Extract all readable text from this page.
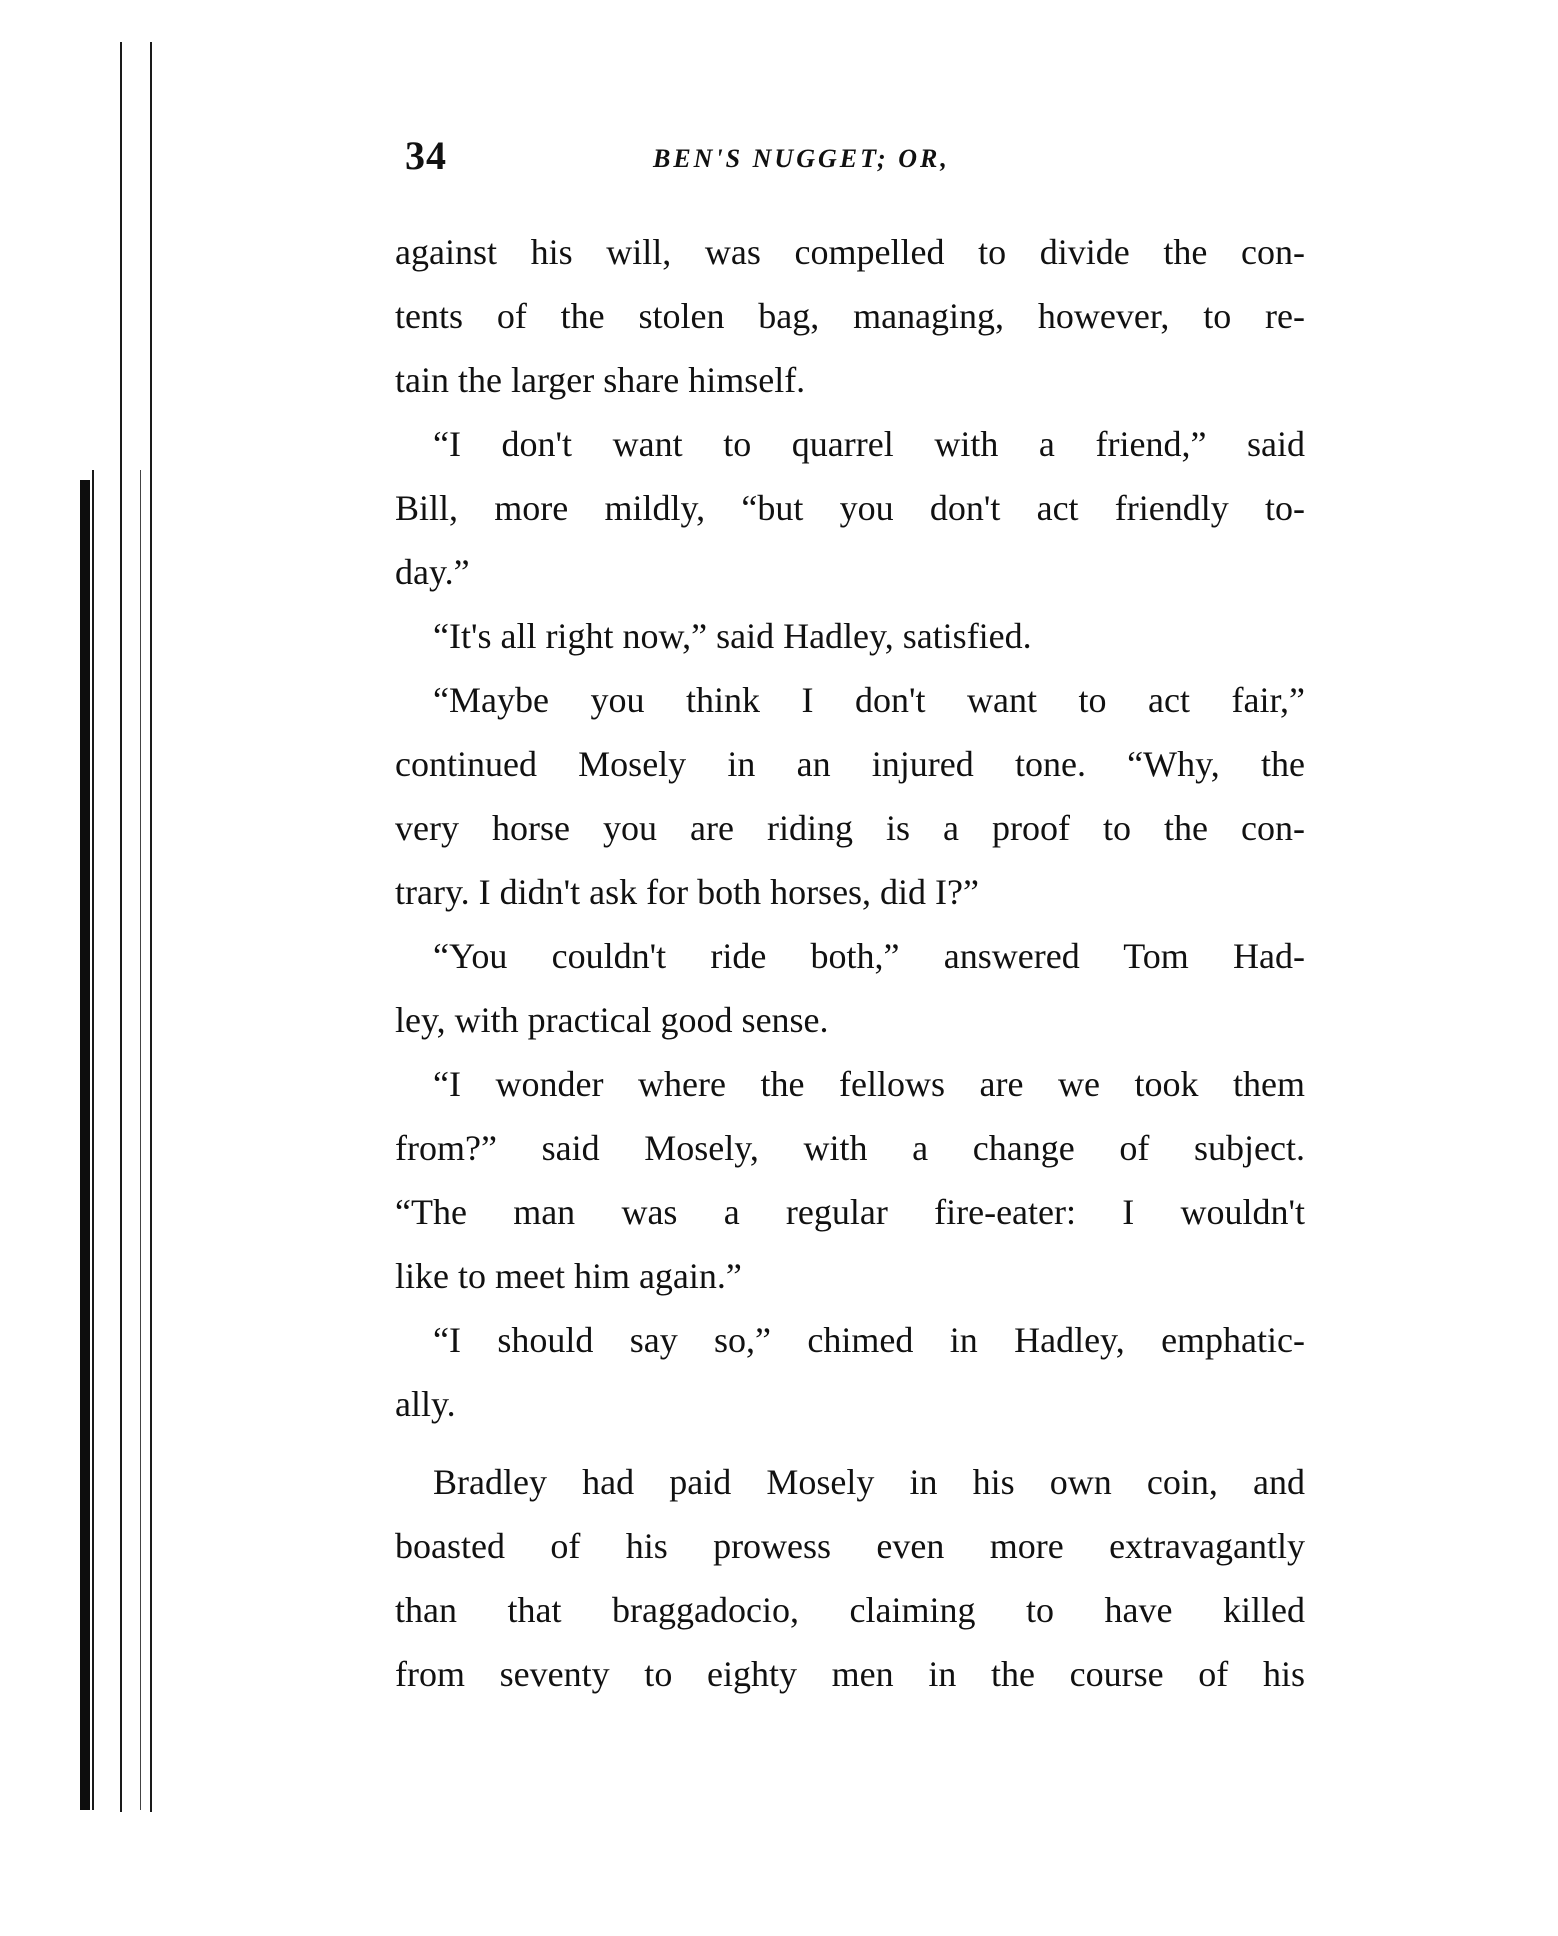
34	BEN'S NUGGET; OR,
against his will, was compelled to divide the con-
tents of the stolen bag, managing, however, to re-
tain the larger share himself.
“I don't want to quarrel with a friend,” said
Bill, more mildly, “but you don't act friendly to-
day.”
“It's all right now,” said Hadley, satisfied.
“Maybe you think I don't want to act fair,”
continued Mosely in an injured tone. “Why, the
very horse you are riding is a proof to the con-
trary. I didn't ask for both horses, did I?”
“You couldn't ride both,” answered Tom Had-
ley, with practical good sense.
“I wonder where the fellows are we took them
from?” said Mosely, with a change of subject.
“The man was a regular fire-eater: I wouldn't
like to meet him again.”
“I should say so,” chimed in Hadley, emphatic-
ally.
Bradley had paid Mosely in his own coin, and
boasted of his prowess even more extravagantly
than that braggadocio, claiming to have killed
from seventy to eighty men in the course of his
